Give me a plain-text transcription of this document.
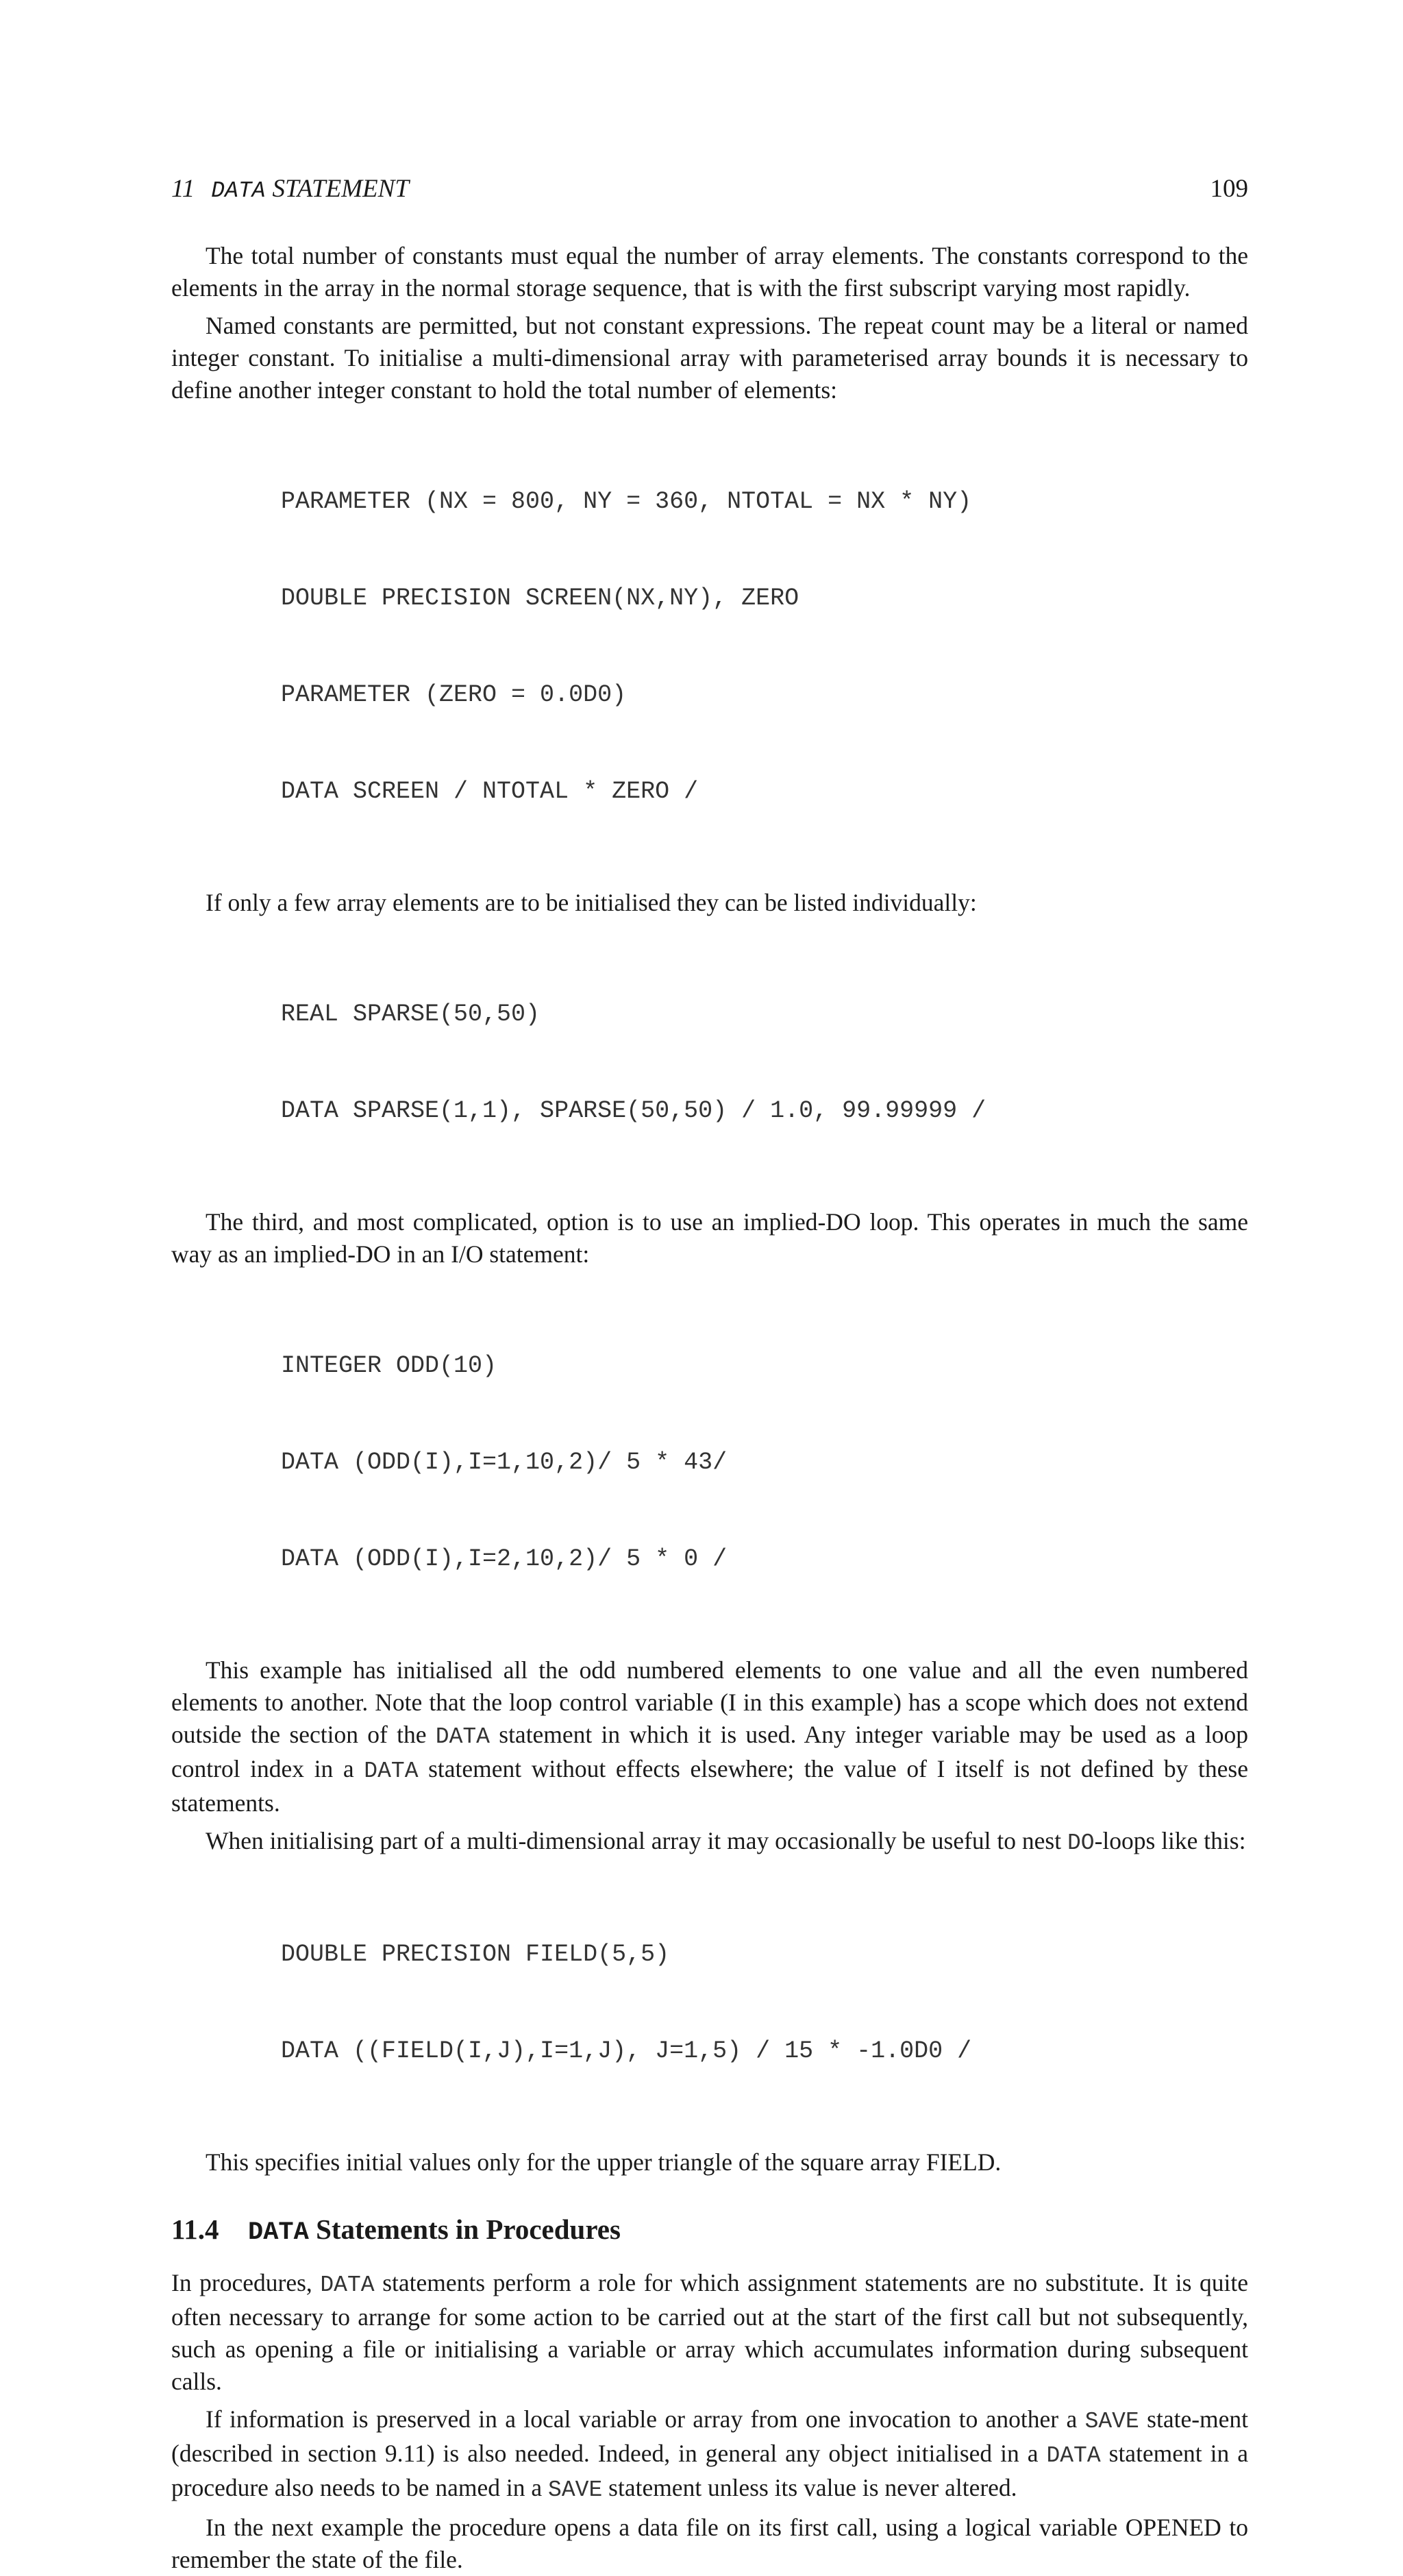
11 DATA STATEMENT	109

The total number of constants must equal the number of array elements. The constants correspond to the elements in the array in the normal storage sequence, that is with the first subscript varying most rapidly.

Named constants are permitted, but not constant expressions. The repeat count may be a literal or named integer constant. To initialise a multi-dimensional array with parameterised array bounds it is necessary to define another integer constant to hold the total number of elements:

PARAMETER (NX = 800, NY = 360, NTOTAL = NX * NY)

DOUBLE PRECISION SCREEN(NX,NY), ZERO

PARAMETER (ZERO = 0.0D0)

DATA SCREEN / NTOTAL * ZERO /

If only a few array elements are to be initialised they can be listed individually:

REAL SPARSE(50,50)

DATA SPARSE(1,1), SPARSE(50,50) / 1.0, 99.99999 /

The third, and most complicated, option is to use an implied-DO loop. This operates in much the same way as an implied-DO in an I/O statement:

INTEGER ODD(10)

DATA (ODD(I),I=1,10,2)/ 5 * 43/

DATA (ODD(I),I=2,10,2)/ 5 * 0 /

This example has initialised all the odd numbered elements to one value and all the even numbered elements to another. Note that the loop control variable (I in this example) has a scope which does not extend outside the section of the DATA statement in which it is used. Any integer variable may be used as a loop control index in a DATA statement without effects elsewhere; the value of I itself is not defined by these statements.

When initialising part of a multi-dimensional array it may occasionally be useful to nest DO-loops like this:

DOUBLE PRECISION FIELD(5,5)

DATA ((FIELD(I,J),I=1,J), J=1,5) / 15 * -1.0D0 /

This specifies initial values only for the upper triangle of the square array FIELD.

11.4 DATA Statements in Procedures

In procedures, DATA statements perform a role for which assignment statements are no substitute. It is quite often necessary to arrange for some action to be carried out at the start of the first call but not subsequently, such as opening a file or initialising a variable or array which accumulates information during subsequent calls.

If information is preserved in a local variable or array from one invocation to another a SAVE state-ment (described in section 9.11) is also needed. Indeed, in general any object initialised in a DATA statement in a procedure also needs to be named in a SAVE statement unless its value is never altered.

In the next example the procedure opens a data file on its first call, using a logical variable OPENED to remember the state of the file.
